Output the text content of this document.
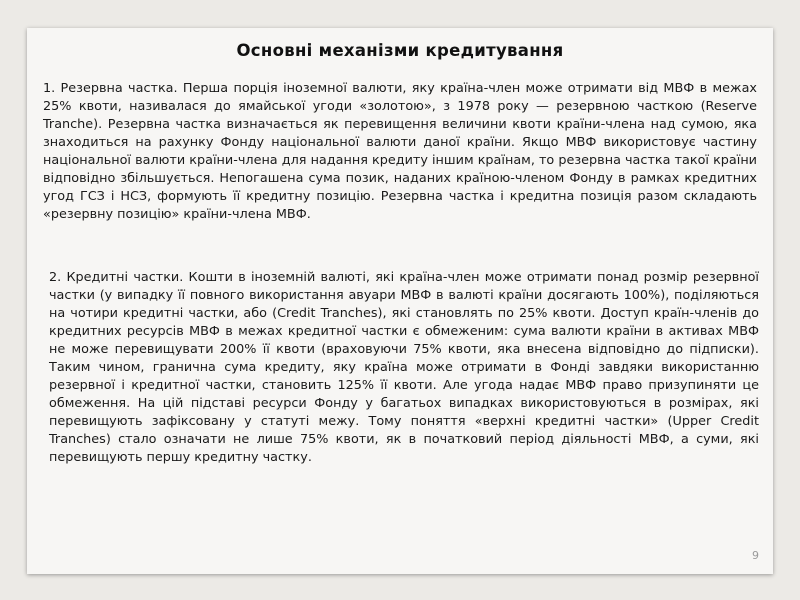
Основні механізми кредитування

1. Резервна частка. Перша порція іноземної валюти, яку країна-член може отримати від МВФ в межах 25% квоти, називалася до ямайської угоди «золотою», з 1978 року — резервною часткою (Reserve Tranche). Резервна частка визначається як перевищення величини квоти країни-члена над сумою, яка знаходиться на рахунку Фонду національної валюти даної країни. Якщо МВФ використовує частину національної валюти країни-члена для надання кредиту іншим країнам, то резервна частка такої країни відповідно збільшується. Непогашена сума позик, наданих країною-членом Фонду в рамках кредитних угод ГСЗ і НСЗ, формують її кредитну позицію. Резервна частка і кредитна позиція разом складають «резервну позицію» країни-члена МВФ.

2. Кредитні частки. Кошти в іноземній валюті, які країна-член може отримати понад розмір резервної частки (у випадку її повного використання авуари МВФ в валюті країни досягають 100%), поділяються на чотири кредитні частки, або (Credit Tranches), які становлять по 25% квоти. Доступ країн-членів до кредитних ресурсів МВФ в межах кредитної частки є обмеженим: сума валюти країни в активах МВФ не може перевищувати 200% її квоти (враховуючи 75% квоти, яка внесена відповідно до підписки). Таким чином, гранична сума кредиту, яку країна може отримати в Фонді завдяки використанню резервної і кредитної частки, становить 125% її квоти. Але угода надає МВФ право призупиняти це обмеження. На цій підставі ресурси Фонду у багатьох випадках використовуються в розмірах, які перевищують зафіксовану у статуті межу. Тому поняття «верхні кредитні частки» (Upper Credit Tranches) стало означати не лише 75% квоти, як в початковий період діяльності МВФ, а суми, які перевищують першу кредитну частку.

9
